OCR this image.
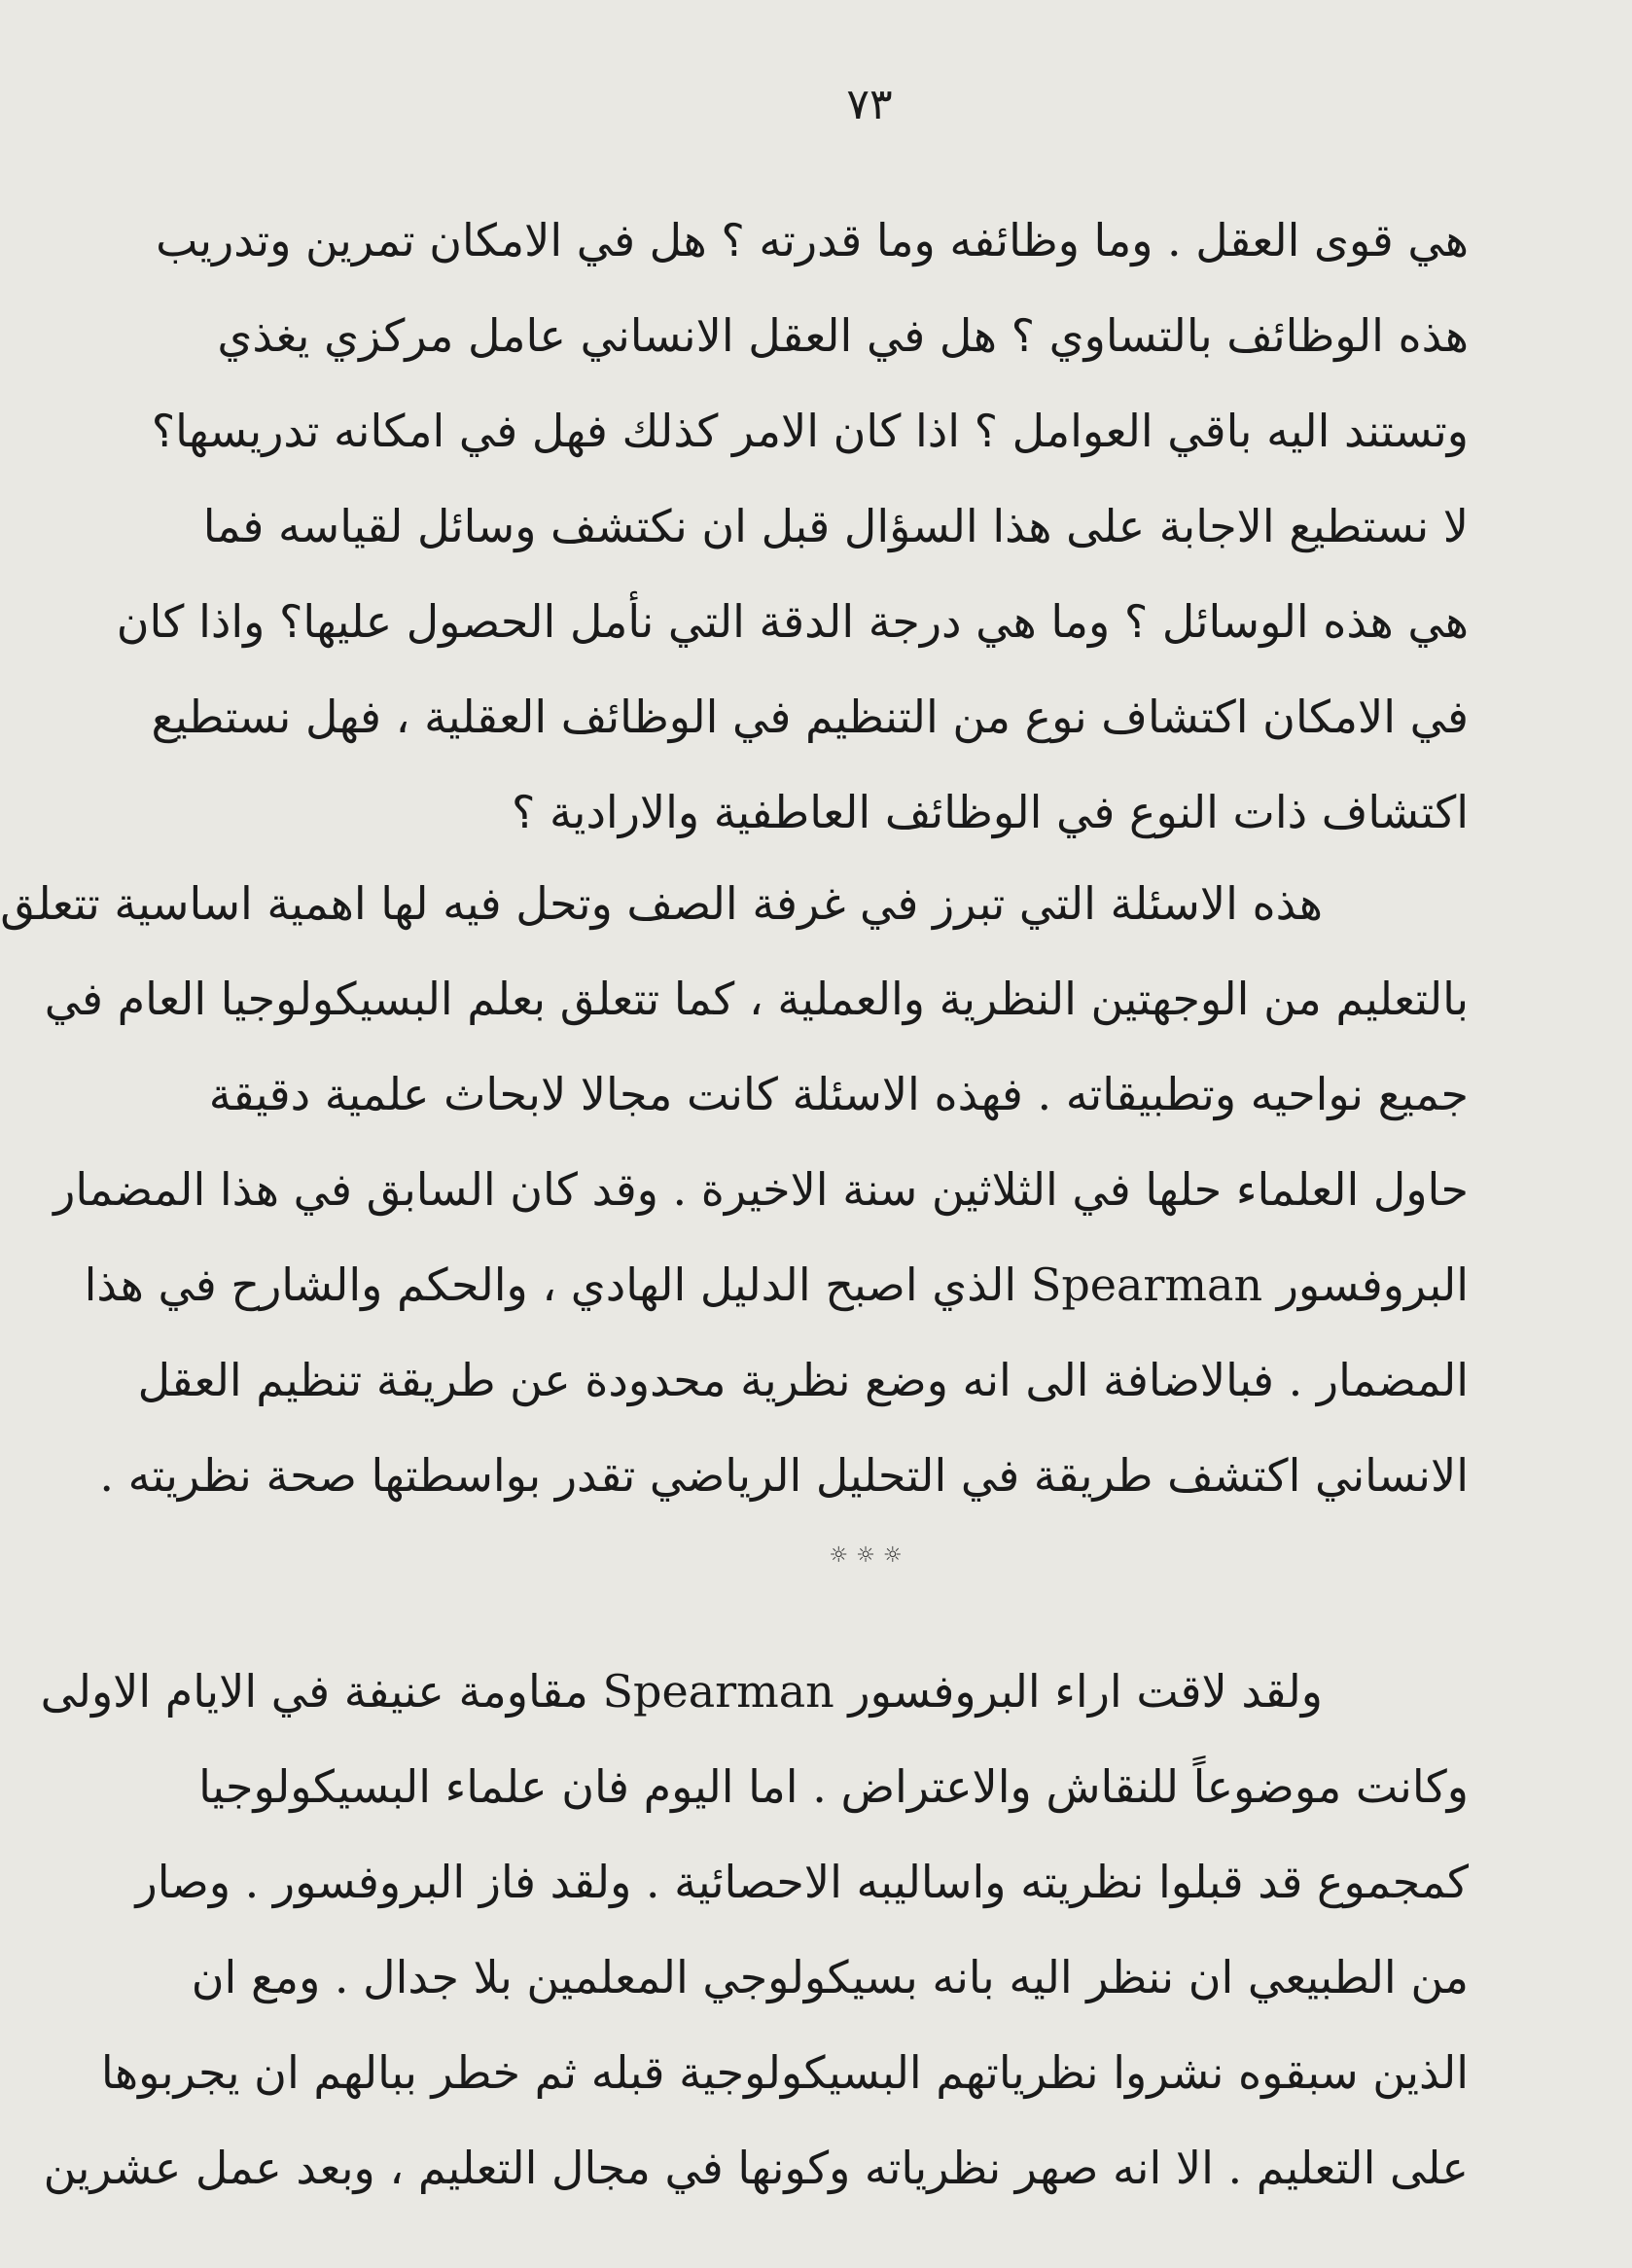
٧٣
هي قوى العقل . وما وظائفه وما قدرته ؟ هل في الامكان تمرين وتدريب
هذه الوظائف بالتساوي ؟ هل في العقل الانساني عامل مركزي يغذي
وتستند اليه باقي العوامل ؟ اذا كان الامر كذلك فهل في امكانه تدريسها؟
لا نستطيع الاجابة على هذا السؤال قبل ان نكتشف وسائل لقياسه فما
هي هذه الوسائل ؟ وما هي درجة الدقة التي نأمل الحصول عليها؟ واذا كان
في الامكان اكتشاف نوع من التنظيم في الوظائف العقلية ، فهل نستطيع
اكتشاف ذات النوع في الوظائف العاطفية والارادية ؟
هذه الاسئلة التي تبرز في غرفة الصف وتحل فيه لها اهمية اساسية تتعلق
بالتعليم من الوجهتين النظرية والعملية ، كما تتعلق بعلم البسيكولوجيا العام في
جميع نواحيه وتطبيقاته . فهذه الاسئلة كانت مجالا لابحاث علمية دقيقة
حاول العلماء حلها في الثلاثين سنة الاخيرة . وقد كان السابق في هذا المضمار
البروفسور Spearman الذي اصبح الدليل الهادي ، والحكم والشارح في هذا
المضمار . فبالاضافة الى انه وضع نظرية محدودة عن طريقة تنظيم العقل
الانساني اكتشف طريقة في التحليل الرياضي تقدر بواسطتها صحة نظريته .
☼☼☼
ولقد لاقت اراء البروفسور Spearman مقاومة عنيفة في الايام الاولى
وكانت موضوعاً للنقاش والاعتراض . اما اليوم فان علماء البسيكولوجيا
كمجموع قد قبلوا نظريته واساليبه الاحصائية . ولقد فاز البروفسور . وصار
من الطبيعي ان ننظر اليه بانه بسيكولوجي المعلمين بلا جدال . ومع ان
الذين سبقوه نشروا نظرياتهم البسيكولوجية قبله ثم خطر ببالهم ان يجربوها
على التعليم . الا انه صهر نظرياته وكونها في مجال التعليم ، وبعد عمل عشرين
